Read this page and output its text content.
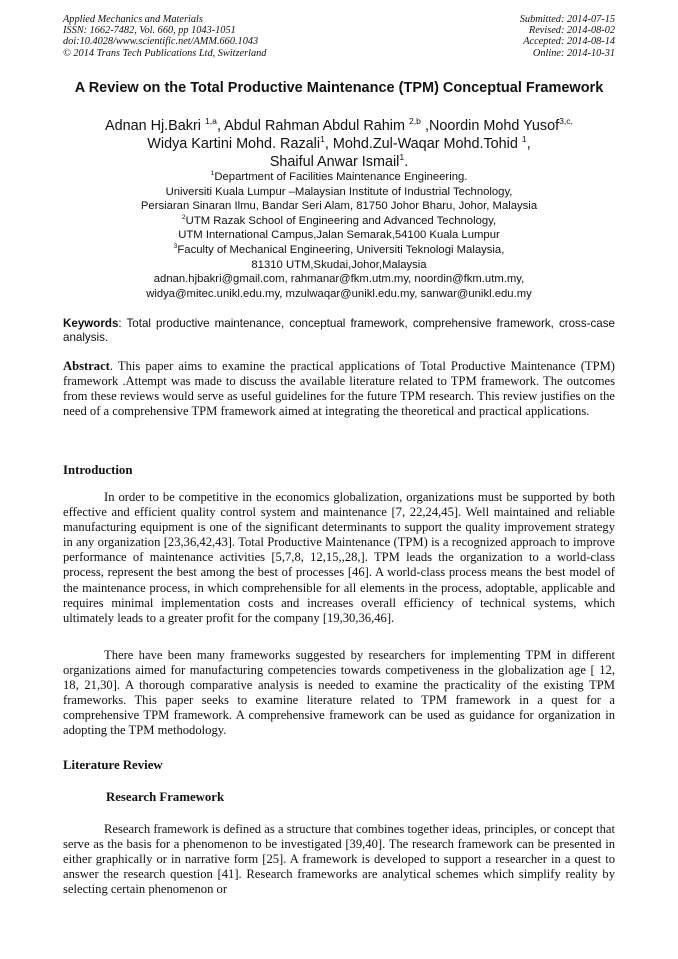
Applied Mechanics and Materials
ISSN: 1662-7482, Vol. 660, pp 1043-1051
doi:10.4028/www.scientific.net/AMM.660.1043
© 2014 Trans Tech Publications Ltd, Switzerland
Submitted: 2014-07-15
Revised: 2014-08-02
Accepted: 2014-08-14
Online: 2014-10-31
A Review on the Total Productive Maintenance (TPM) Conceptual Framework
Adnan Hj.Bakri $^{1,a}$, Abdul Rahman Abdul Rahim $^{2,b}$ ,Noordin Mohd Yusof$^{3,c,}$
Widya Kartini Mohd. Razali$^1$, Mohd.Zul-Waqar Mohd.Tohid $^1$,
Shaiful Anwar Ismail$^1$.
$^1$Department of Facilities Maintenance Engineering.
Universiti Kuala Lumpur –Malaysian Institute of Industrial Technology,
Persiaran Sinaran Ilmu, Bandar Seri Alam, 81750 Johor Bharu, Johor, Malaysia
$^2$UTM Razak School of Engineering and Advanced Technology,
UTM International Campus,Jalan Semarak,54100 Kuala Lumpur
$^3$Faculty of Mechanical Engineering, Universiti Teknologi Malaysia,
81310 UTM,Skudai,Johor,Malaysia
adnan.hjbakri@gmail.com, rahmanar@fkm.utm.my, noordin@fkm.utm.my,
widya@mitec.unikl.edu.my, mzulwaqar@unikl.edu.my, sanwar@unikl.edu.my
Keywords: Total productive maintenance, conceptual framework, comprehensive framework, cross-case analysis.
Abstract. This paper aims to examine the practical applications of Total Productive Maintenance (TPM) framework .Attempt was made to discuss the available literature related to TPM framework. The outcomes from these reviews would serve as useful guidelines for the future TPM research. This review justifies on the need of a comprehensive TPM framework aimed at integrating the theoretical and practical applications.
Introduction
In order to be competitive in the economics globalization, organizations must be supported by both effective and efficient quality control system and maintenance [7, 22,24,45]. Well maintained and reliable manufacturing equipment is one of the significant determinants to support the quality improvement strategy in any organization [23,36,42,43]. Total Productive Maintenance (TPM) is a recognized approach to improve performance of maintenance activities [5,7,8, 12,15,,28,]. TPM leads the organization to a world-class process, represent the best among the best of processes [46]. A world-class process means the best model of the maintenance process, in which comprehensible for all elements in the process, adoptable, applicable and requires minimal implementation costs and increases overall efficiency of technical systems, which ultimately leads to a greater profit for the company [19,30,36,46].
There have been many frameworks suggested by researchers for implementing TPM in different organizations aimed for manufacturing competencies towards competiveness in the globalization age [ 12, 18, 21,30]. A thorough comparative analysis is needed to examine the practicality of the existing TPM frameworks. This paper seeks to examine literature related to TPM framework in a quest for a comprehensive TPM framework. A comprehensive framework can be used as guidance for organization in adopting the TPM methodology.
Literature Review
Research Framework
Research framework is defined as a structure that combines together ideas, principles, or concept that serve as the basis for a phenomenon to be investigated [39,40]. The research framework can be presented in either graphically or in narrative form [25]. A framework is developed to support a researcher in a quest to answer the research question [41]. Research frameworks are analytical schemes which simplify reality by selecting certain phenomenon or
